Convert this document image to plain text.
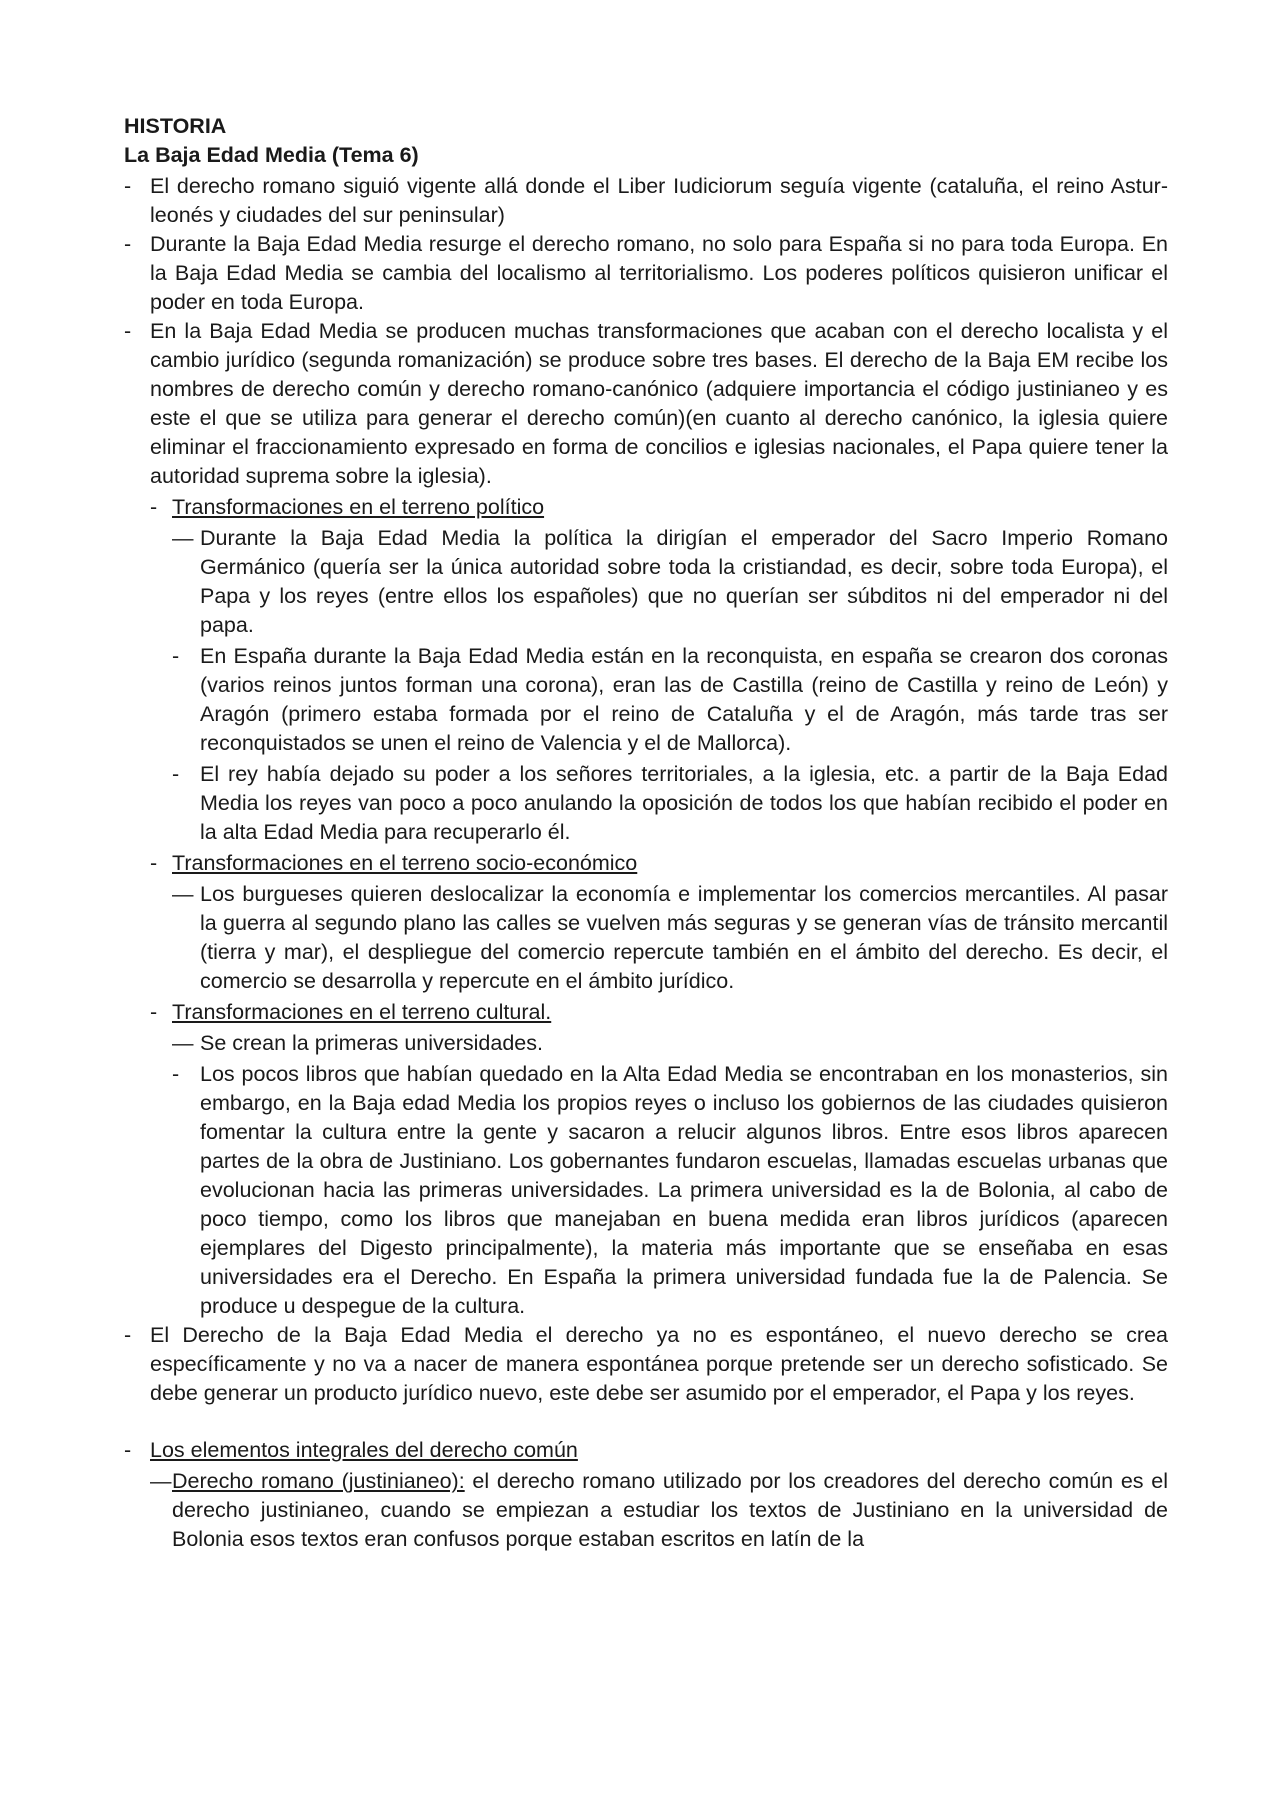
HISTORIA

La Baja Edad Media (Tema 6)

- El derecho romano siguió vigente allá donde el Liber Iudiciorum seguía vigente (cataluña, el reino Astur-leonés y ciudades del sur peninsular)

- Durante la Baja Edad Media resurge el derecho romano, no solo para España si no para toda Europa. En la Baja Edad Media se cambia del localismo al territorialismo. Los poderes políticos quisieron unificar el poder en toda Europa.

- En la Baja Edad Media se producen muchas transformaciones que acaban con el derecho localista y el cambio jurídico (segunda romanización) se produce sobre tres bases. El derecho de la Baja EM recibe los nombres de derecho común y derecho romano-canónico (adquiere importancia el código justinianeo y es este el que se utiliza para generar el derecho común)(en cuanto al derecho canónico, la iglesia quiere eliminar el fraccionamiento expresado en forma de concilios e iglesias nacionales, el Papa quiere tener la autoridad suprema sobre la iglesia).

- Transformaciones en el terreno político

— Durante la Baja Edad Media la política la dirigían el emperador del Sacro Imperio Romano Germánico (quería ser la única autoridad sobre toda la cristiandad, es decir, sobre toda Europa), el Papa y los reyes (entre ellos los españoles) que no querían ser súbditos ni del emperador ni del papa.

- En España durante la Baja Edad Media están en la reconquista, en españa se crearon dos coronas (varios reinos juntos forman una corona), eran las de Castilla (reino de Castilla y reino de León) y Aragón (primero estaba formada por el reino de Cataluña y el de Aragón, más tarde tras ser reconquistados se unen el reino de Valencia y el de Mallorca).

- El rey había dejado su poder a los señores territoriales, a la iglesia, etc. a partir de la Baja Edad Media los reyes van poco a poco anulando la oposición de todos los que habían recibido el poder en la alta Edad Media para recuperarlo él.

- Transformaciones en el terreno socio-económico

— Los burgueses quieren deslocalizar la economía e implementar los comercios mercantiles. Al pasar la guerra al segundo plano las calles se vuelven más seguras y se generan vías de tránsito mercantil (tierra y mar), el despliegue del comercio repercute también en el ámbito del derecho. Es decir, el comercio se desarrolla y repercute en el ámbito jurídico.

- Transformaciones en el terreno cultural.

— Se crean la primeras universidades.

- Los pocos libros que habían quedado en la Alta Edad Media se encontraban en los monasterios, sin embargo, en la Baja edad Media los propios reyes o incluso los gobiernos de las ciudades quisieron fomentar la cultura entre la gente y sacaron a relucir algunos libros. Entre esos libros aparecen partes de la obra de Justiniano. Los gobernantes fundaron escuelas, llamadas escuelas urbanas que evolucionan hacia las primeras universidades. La primera universidad es la de Bolonia, al cabo de poco tiempo, como los libros que manejaban en buena medida eran libros jurídicos (aparecen ejemplares del Digesto principalmente), la materia más importante que se enseñaba en esas universidades era el Derecho. En España la primera universidad fundada fue la de Palencia. Se produce u despegue de la cultura.

- El Derecho de la Baja Edad Media el derecho ya no es espontáneo, el nuevo derecho se crea específicamente y no va a nacer de manera espontánea porque pretende ser un derecho sofisticado. Se debe generar un producto jurídico nuevo, este debe ser asumido por el emperador, el Papa y los reyes.

- Los elementos integrales del derecho común

— Derecho romano (justinianeo): el derecho romano utilizado por los creadores del derecho común es el derecho justinianeo, cuando se empiezan a estudiar los textos de Justiniano en la universidad de Bolonia esos textos eran confusos porque estaban escritos en latín de la
